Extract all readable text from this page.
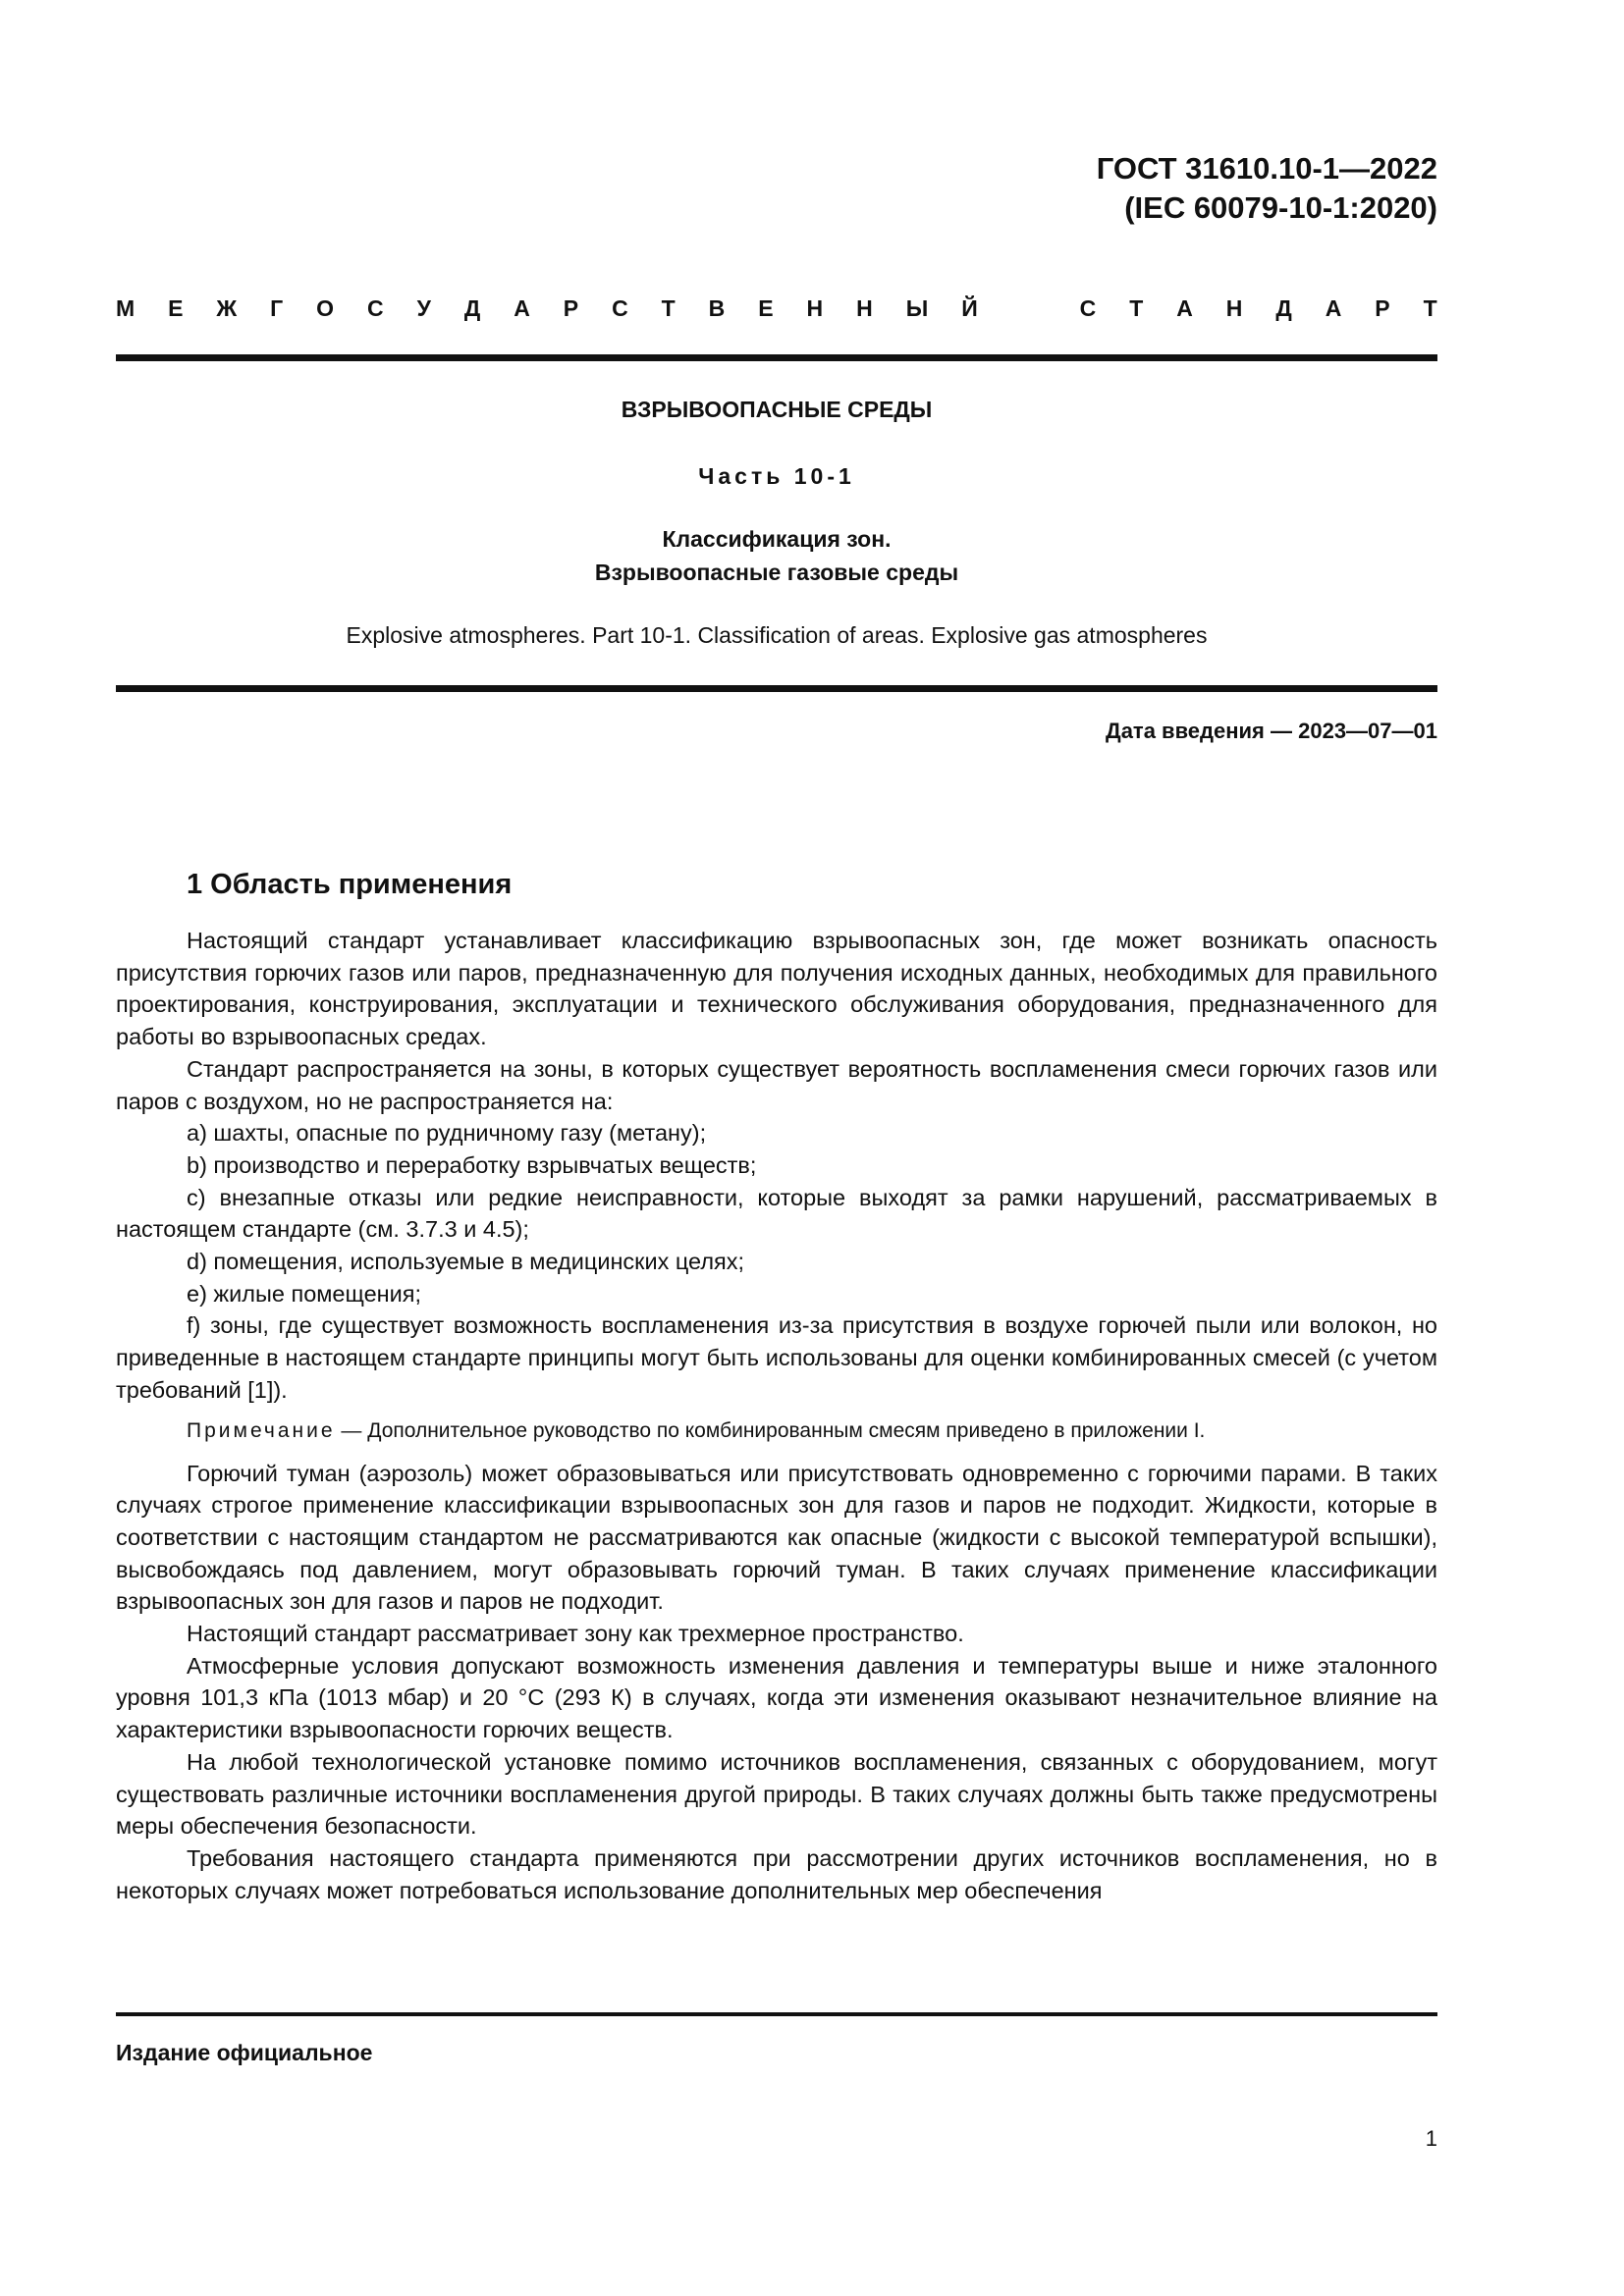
ГОСТ 31610.10-1—2022
(IEC 60079-10-1:2020)
М Е Ж Г О С У Д А Р С Т В Е Н Н Ы Й	С Т А Н Д А Р Т
ВЗРЫВООПАСНЫЕ СРЕДЫ
Часть 10-1
Классификация зон.
Взрывоопасные газовые среды
Explosive atmospheres. Part 10-1. Classification of areas. Explosive gas atmospheres
Дата введения — 2023—07—01
1 Область применения

Настоящий стандарт устанавливает классификацию взрывоопасных зон, где может возникать опасность присутствия горючих газов или паров, предназначенную для получения исходных данных, необходимых для правильного проектирования, конструирования, эксплуатации и технического обслуживания оборудования, предназначенного для работы во взрывоопасных средах.

Стандарт распространяется на зоны, в которых существует вероятность воспламенения смеси горючих газов или паров с воздухом, но не распространяется на:

a) шахты, опасные по рудничному газу (метану);

b) производство и переработку взрывчатых веществ;

c) внезапные отказы или редкие неисправности, которые выходят за рамки нарушений, рассматриваемых в настоящем стандарте (см. 3.7.3 и 4.5);

d) помещения, используемые в медицинских целях;

e) жилые помещения;

f) зоны, где существует возможность воспламенения из-за присутствия в воздухе горючей пыли или волокон, но приведенные в настоящем стандарте принципы могут быть использованы для оценки комбинированных смесей (с учетом требований [1]).

Примечание — Дополнительное руководство по комбинированным смесям приведено в приложении I.

Горючий туман (аэрозоль) может образовываться или присутствовать одновременно с горючими парами. В таких случаях строгое применение классификации взрывоопасных зон для газов и паров не подходит. Жидкости, которые в соответствии с настоящим стандартом не рассматриваются как опасные (жидкости с высокой температурой вспышки), высвобождаясь под давлением, могут образовывать горючий туман. В таких случаях применение классификации взрывоопасных зон для газов и паров не подходит.

Настоящий стандарт рассматривает зону как трехмерное пространство.

Атмосферные условия допускают возможность изменения давления и температуры выше и ниже эталонного уровня 101,3 кПа (1013 мбар) и 20 °С (293 К) в случаях, когда эти изменения оказывают незначительное влияние на характеристики взрывоопасности горючих веществ.

На любой технологической установке помимо источников воспламенения, связанных с оборудованием, могут существовать различные источники воспламенения другой природы. В таких случаях должны быть также предусмотрены меры обеспечения безопасности.

Требования настоящего стандарта применяются при рассмотрении других источников воспламенения, но в некоторых случаях может потребоваться использование дополнительных мер обеспечения

Издание официальное
1
